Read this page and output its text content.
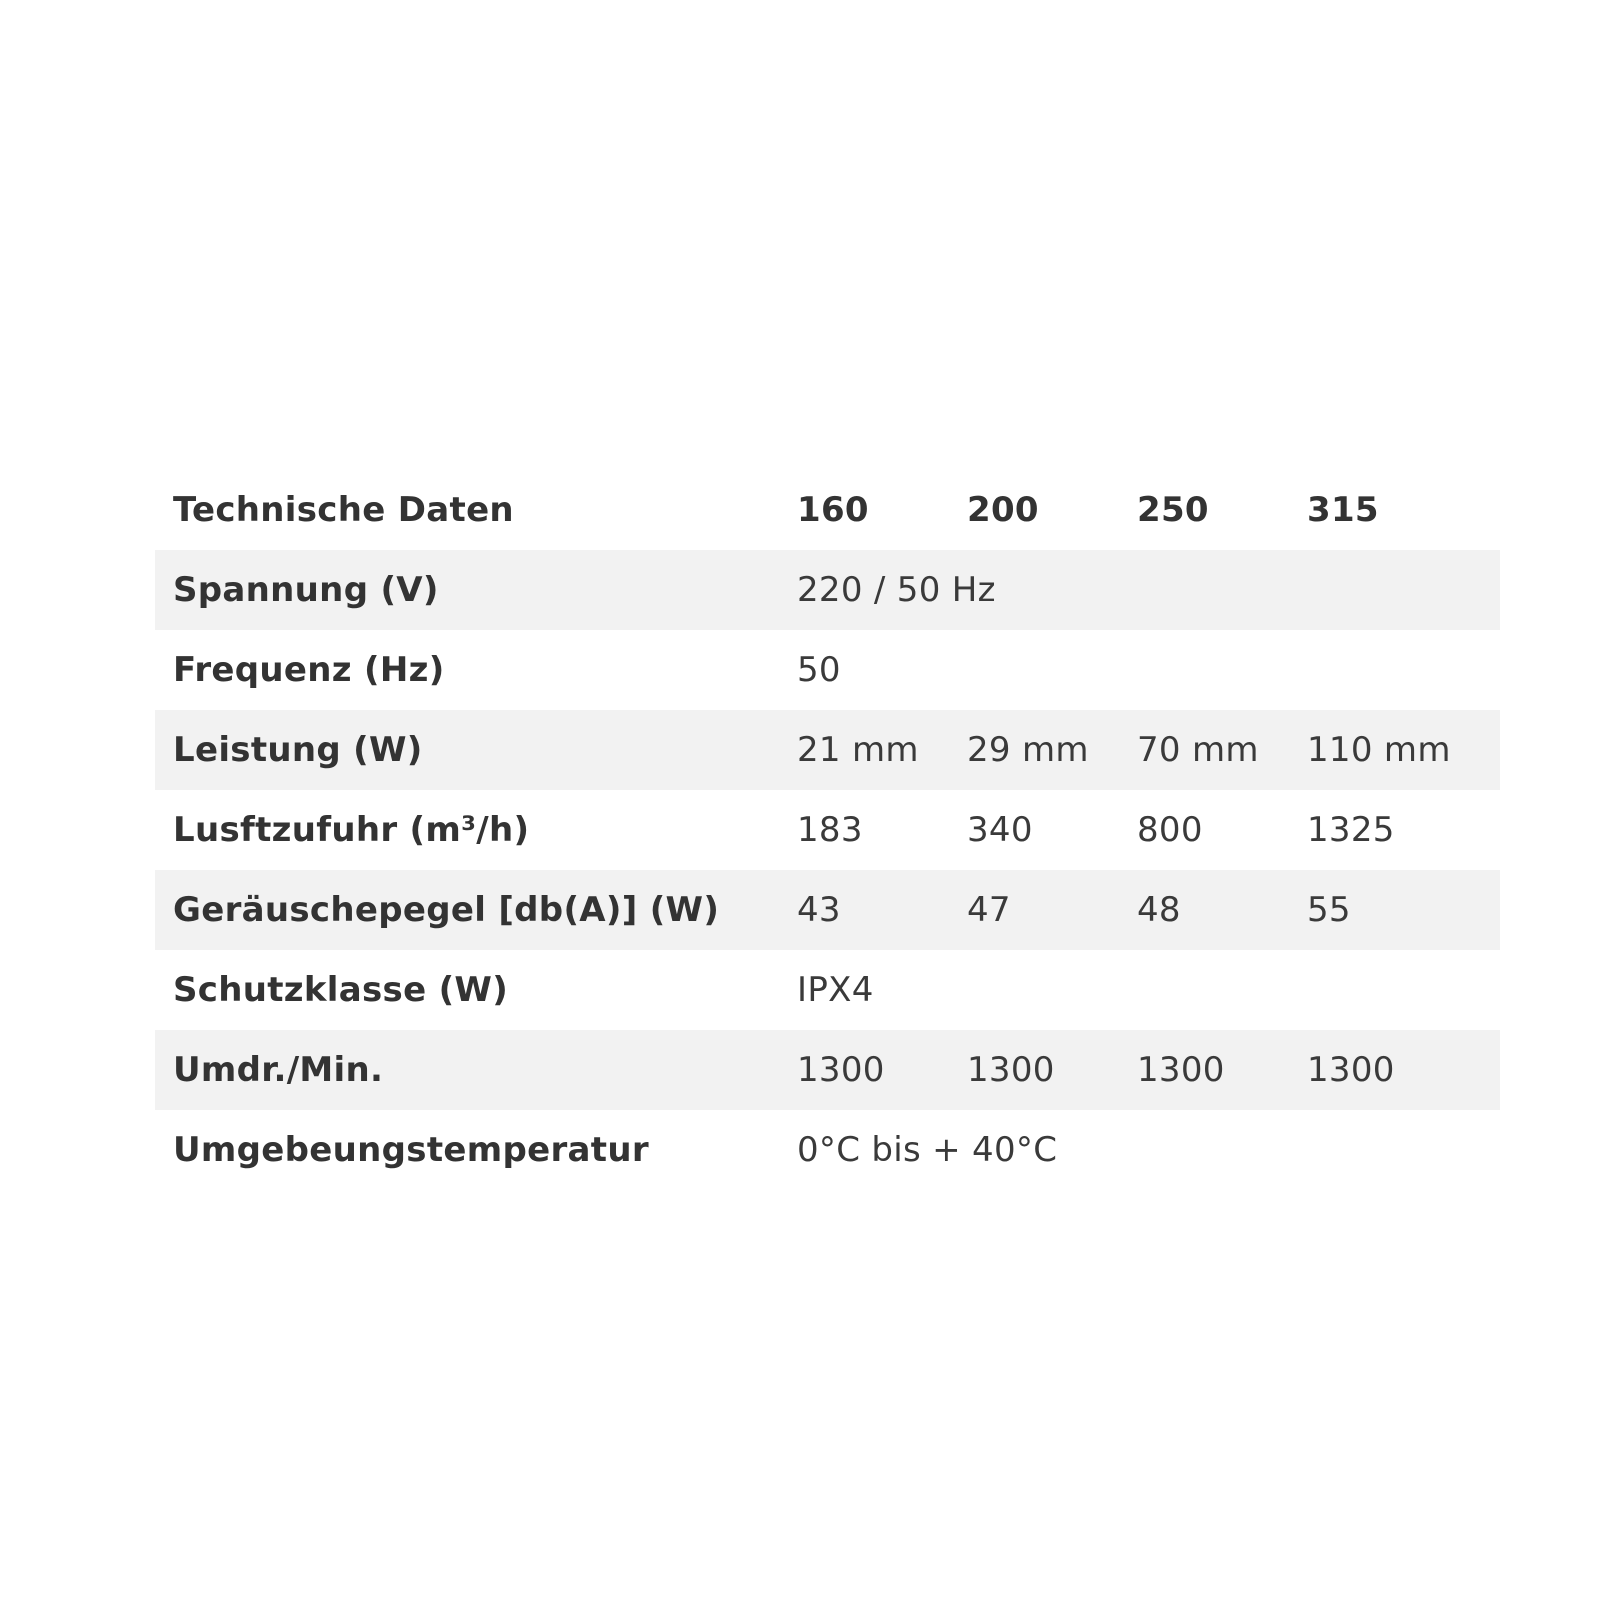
Technische Daten	160	200	250	315
Spannung (V)	220 / 50 Hz
Frequenz (Hz)	50
Leistung (W)	21 mm	29 mm	70 mm	110 mm
Lusftzufuhr (m³/h)	183	340	800	1325
Geräuschepegel [db(A)] (W)	43	47	48	55
Schutzklasse (W)	IPX4
Umdr./Min.	1300	1300	1300	1300
Umgebeungstemperatur	0°C bis + 40°C
